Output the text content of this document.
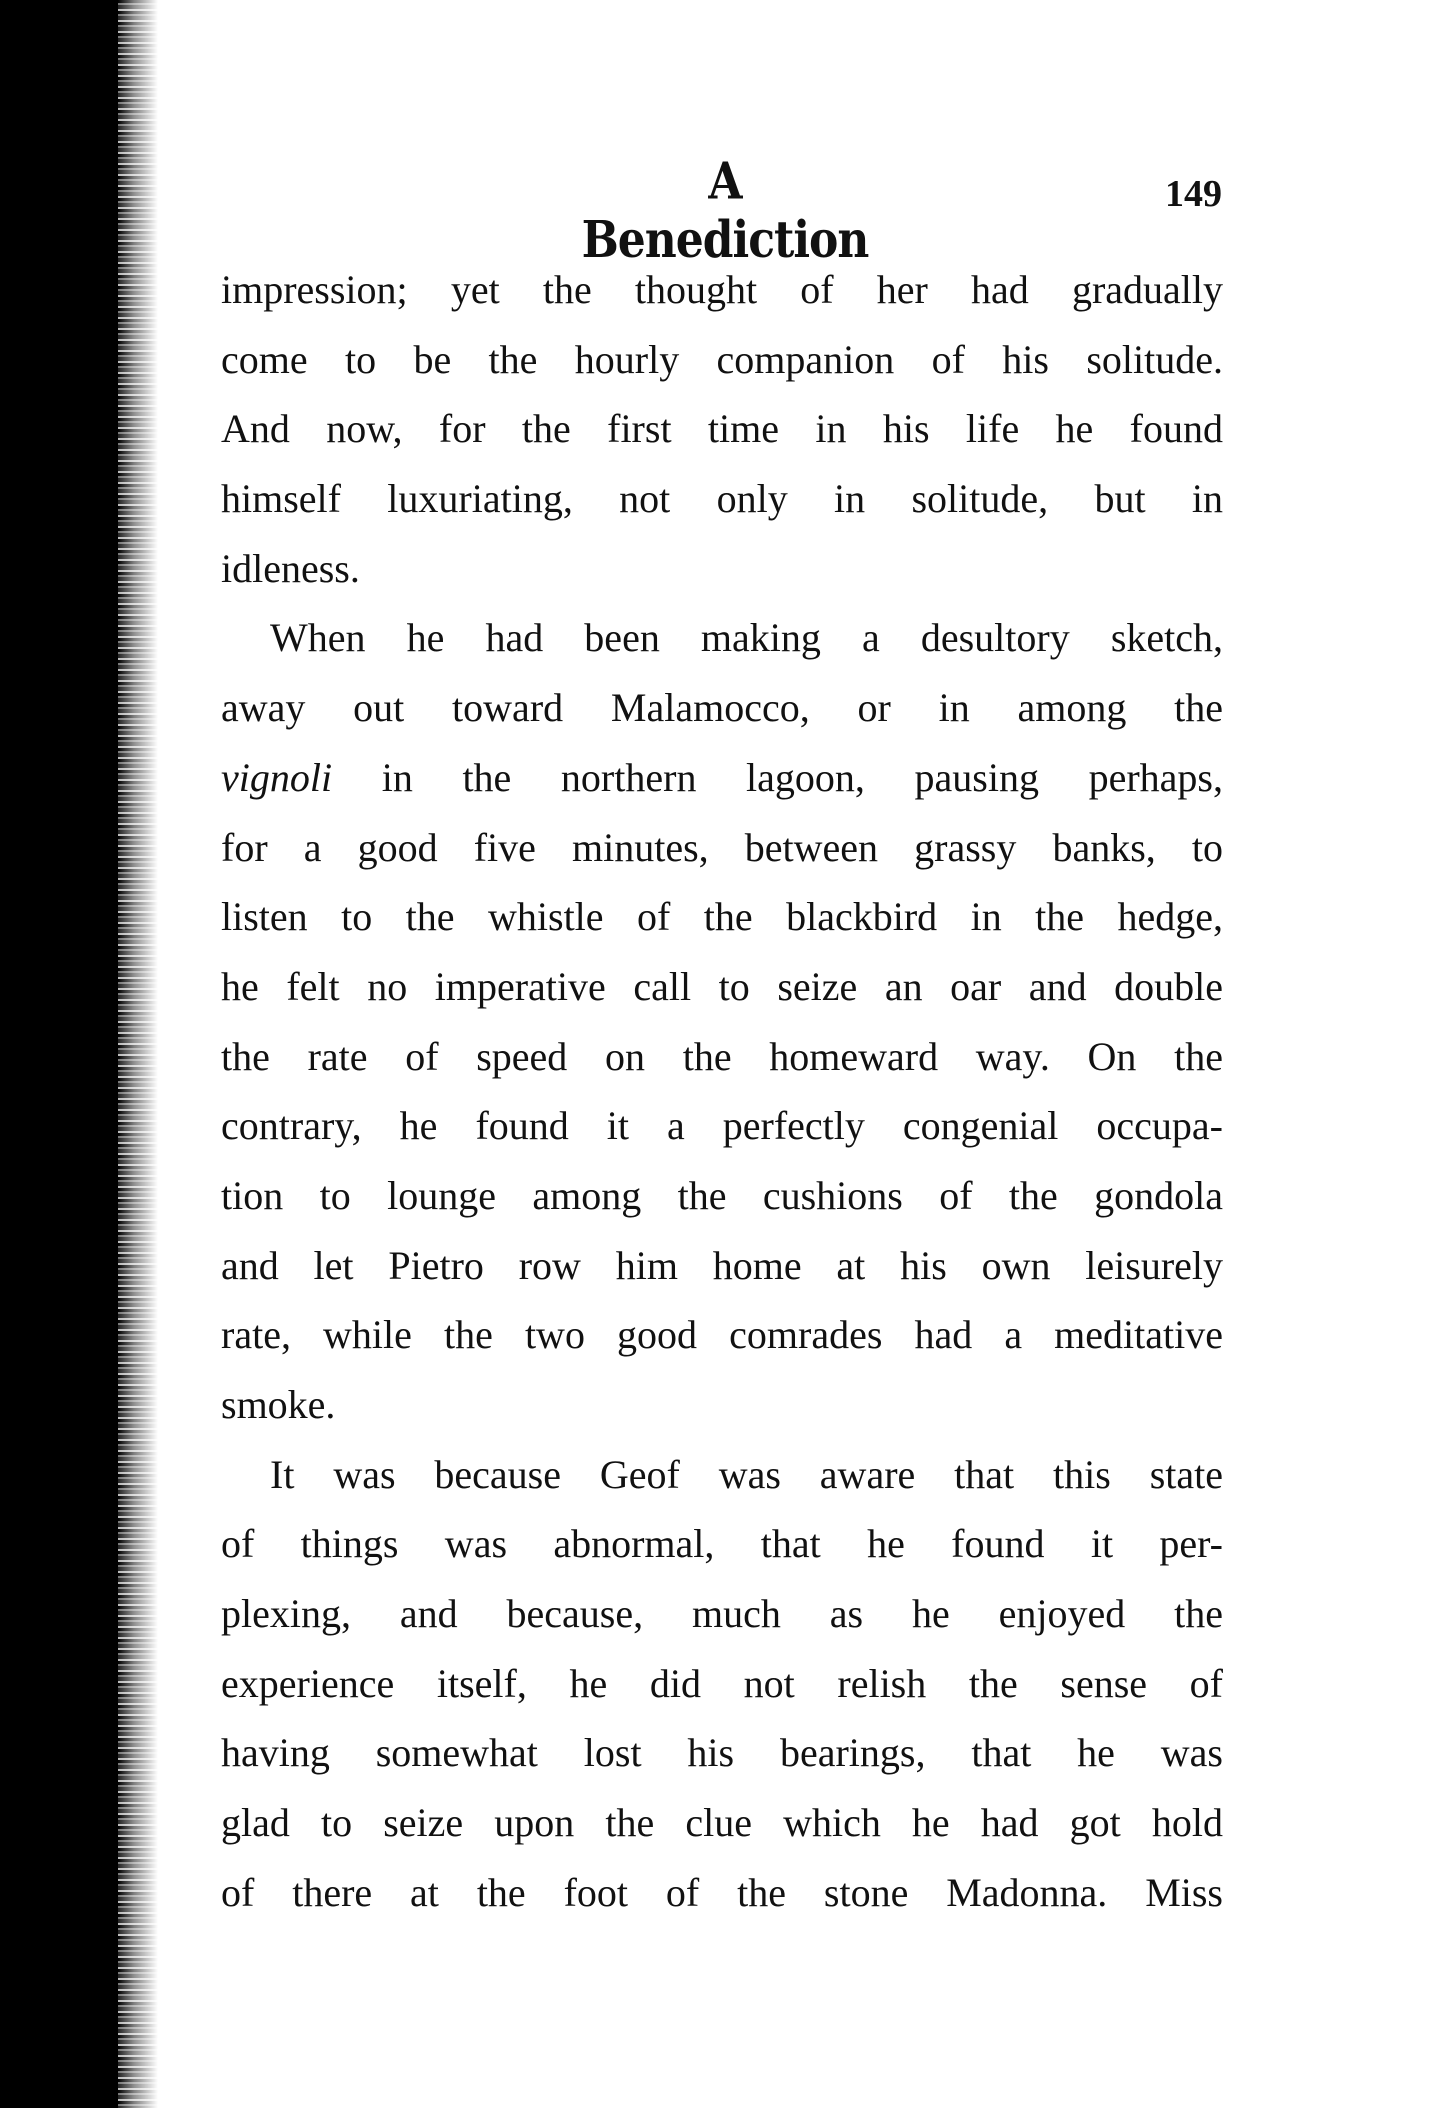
A Benediction
149
impression; yet the thought of her had gradually
come to be the hourly companion of his solitude.
And now, for the first time in his life he found
himself luxuriating, not only in solitude, but in
idleness.
When he had been making a desultory sketch,
away out toward Malamocco, or in among the
vignoli in the northern lagoon, pausing perhaps,
for a good five minutes, between grassy banks, to
listen to the whistle of the blackbird in the hedge,
he felt no imperative call to seize an oar and double
the rate of speed on the homeward way. On the
contrary, he found it a perfectly congenial occupa-
tion to lounge among the cushions of the gondola
and let Pietro row him home at his own leisurely
rate, while the two good comrades had a meditative
smoke.
It was because Geof was aware that this state
of things was abnormal, that he found it per-
plexing, and because, much as he enjoyed the
experience itself, he did not relish the sense of
having somewhat lost his bearings, that he was
glad to seize upon the clue which he had got hold
of there at the foot of the stone Madonna. Miss
